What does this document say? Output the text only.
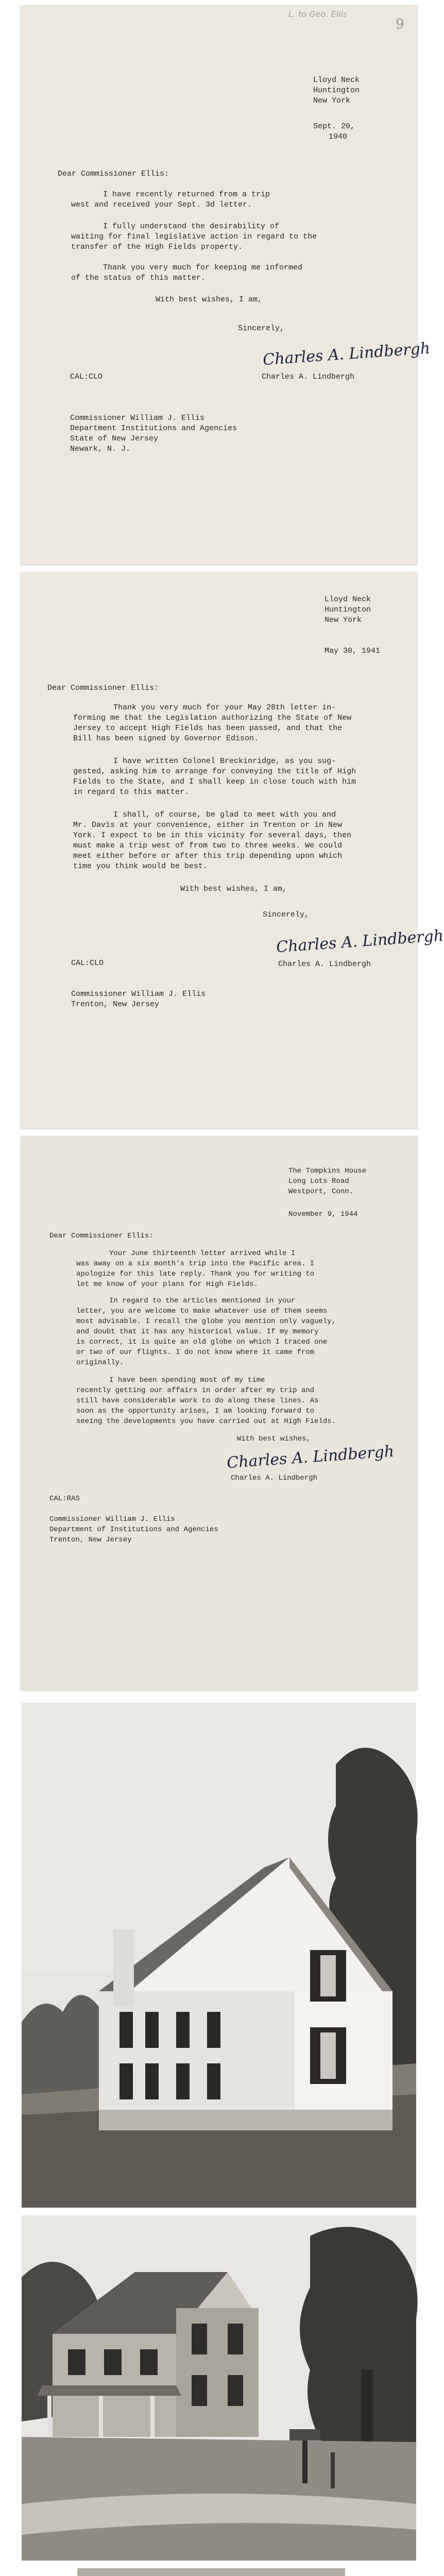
L. to Geo. Ellis
9
Lloyd Neck
Huntington
New York
Sept. 20,
1940
Dear Commissioner Ellis:
I have recently returned from a trip
west and received your Sept. 3d letter.
I fully understand the desirability of
waiting for final legislative action in regard to the
transfer of the High Fields property.
Thank you very much for keeping me informed
of the status of this matter.
With best wishes, I am,
Sincerely,
Charles A. Lindbergh
Charles A. Lindbergh
CAL:CLO
Commissioner William J. Ellis
Department Institutions and Agencies
State of New Jersey
Newark, N. J.
Lloyd Neck
Huntington
New York
May 30, 1941
Dear Commissioner Ellis:
Thank you very much for your May 28th letter in-
forming me that the Legislation authorizing the State of New
Jersey to accept High Fields has been passed, and that the
Bill has been signed by Governor Edison.
I have written Colonel Breckinridge, as you sug-
gested, asking him to arrange for conveying the title of High
Fields to the State, and I shall keep in close touch with him
in regard to this matter.
I shall, of course, be glad to meet with you and
Mr. Davis at your convenience, either in Trenton or in New
York. I expect to be in this vicinity for several days, then
must make a trip west of from two to three weeks. We could
meet either before or after this trip depending upon which
time you think would be best.
With best wishes, I am,
Sincerely,
Charles A. Lindbergh
Charles A. Lindbergh
CAL:CLO
Commissioner William J. Ellis
Trenton, New Jersey
The Tompkins House
Long Lots Road
Westport, Conn.
November 9, 1944
Dear Commissioner Ellis:
Your June thirteenth letter arrived while I
was away on a six month's trip into the Pacific area. I
apologize for this late reply. Thank you for writing to
let me know of your plans for High Fields.
In regard to the articles mentioned in your
letter, you are welcome to make whatever use of them seems
most advisable. I recall the globe you mention only vaguely,
and doubt that it has any historical value. If my memory
is correct, it is quite an old globe on which I traced one
or two of our flights. I do not know where it came from
originally.
I have been spending most of my time
recently getting our affairs in order after my trip and
still have considerable work to do along these lines. As
soon as the opportunity arises, I am looking forward to
seeing the developments you have carried out at High Fields.
With best wishes,
Charles A. Lindbergh
Charles A. Lindbergh
CAL:RAS
Commissioner William J. Ellis
Department of Institutions and Agencies
Trenton, New Jersey
